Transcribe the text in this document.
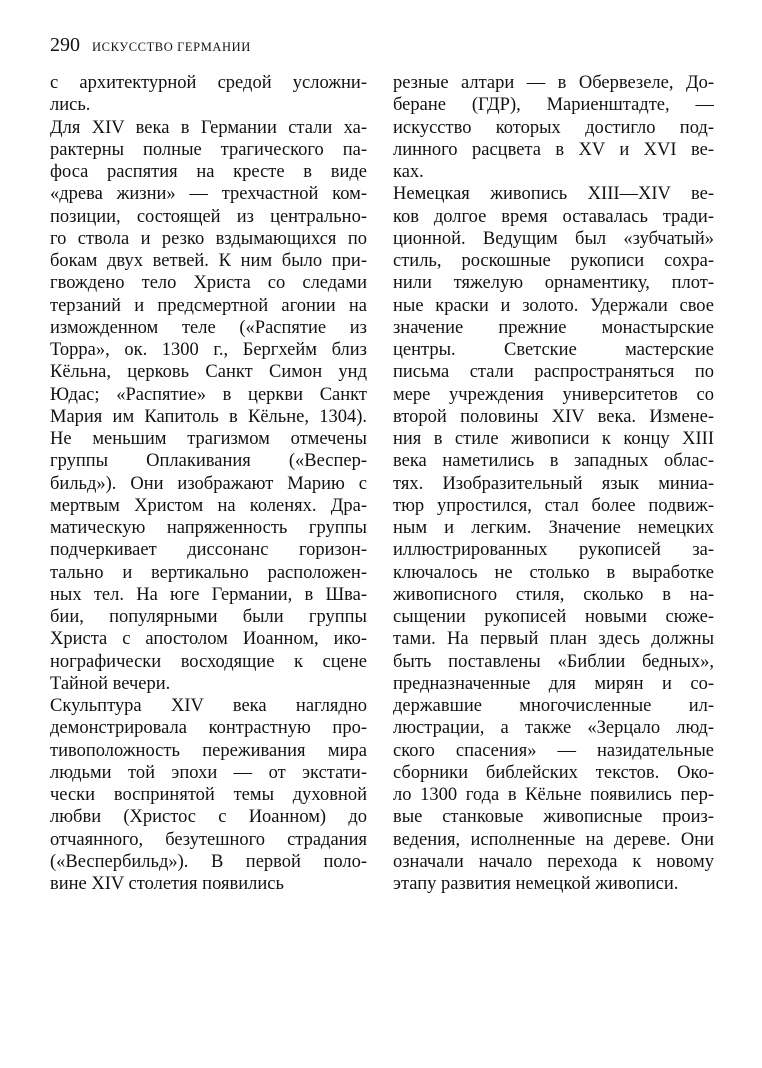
290 ИСКУССТВО ГЕРМАНИИ
с архитектурной средой усложни-
лись.
Для XIV века в Германии стали ха-
рактерны полные трагического па-
фоса распятия на кресте в виде
«древа жизни» — трехчастной ком-
позиции, состоящей из центрально-
го ствола и резко вздымающихся по
бокам двух ветвей. К ним было при-
гвождено тело Христа со следами
терзаний и предсмертной агонии на
изможденном теле («Распятие из
Торра», ок. 1300 г., Бергхейм близ
Кёльна, церковь Санкт Симон унд
Юдас; «Распятие» в церкви Санкт
Мария им Капитоль в Кёльне, 1304).
Не меньшим трагизмом отмечены
группы Оплакивания («Веспер-
бильд»). Они изображают Марию с
мертвым Христом на коленях. Дра-
матическую напряженность группы
подчеркивает диссонанс горизон-
тально и вертикально расположен-
ных тел. На юге Германии, в Шва-
бии, популярными были группы
Христа с апостолом Иоанном, ико-
нографически восходящие к сцене
Тайной вечери.
Скульптура XIV века наглядно
демонстрировала контрастную про-
тивоположность переживания мира
людьми той эпохи — от экстати-
чески воспринятой темы духовной
любви (Христос с Иоанном) до
отчаянного, безутешного страдания
(«Веспербильд»). В первой поло-
вине XIV столетия появились
резные алтари — в Обервезеле, До-
беране (ГДР), Мариенштадте, —
искусство которых достигло под-
линного расцвета в XV и XVI ве-
ках.
Немецкая живопись XIII—XIV ве-
ков долгое время оставалась тради-
ционной. Ведущим был «зубчатый»
стиль, роскошные рукописи сохра-
нили тяжелую орнаментику, плот-
ные краски и золото. Удержали свое
значение прежние монастырские
центры. Светские мастерские
письма стали распространяться по
мере учреждения университетов со
второй половины XIV века. Измене-
ния в стиле живописи к концу XIII
века наметились в западных облас-
тях. Изобразительный язык миниа-
тюр упростился, стал более подвиж-
ным и легким. Значение немецких
иллюстрированных рукописей за-
ключалось не столько в выработке
живописного стиля, сколько в на-
сыщении рукописей новыми сюже-
тами. На первый план здесь должны
быть поставлены «Библии бедных»,
предназначенные для мирян и со-
державшие многочисленные ил-
люстрации, а также «Зерцало люд-
ского спасения» — назидательные
сборники библейских текстов. Око-
ло 1300 года в Кёльне появились пер-
вые станковые живописные произ-
ведения, исполненные на дереве. Они
означали начало перехода к новому
этапу развития немецкой живописи.
